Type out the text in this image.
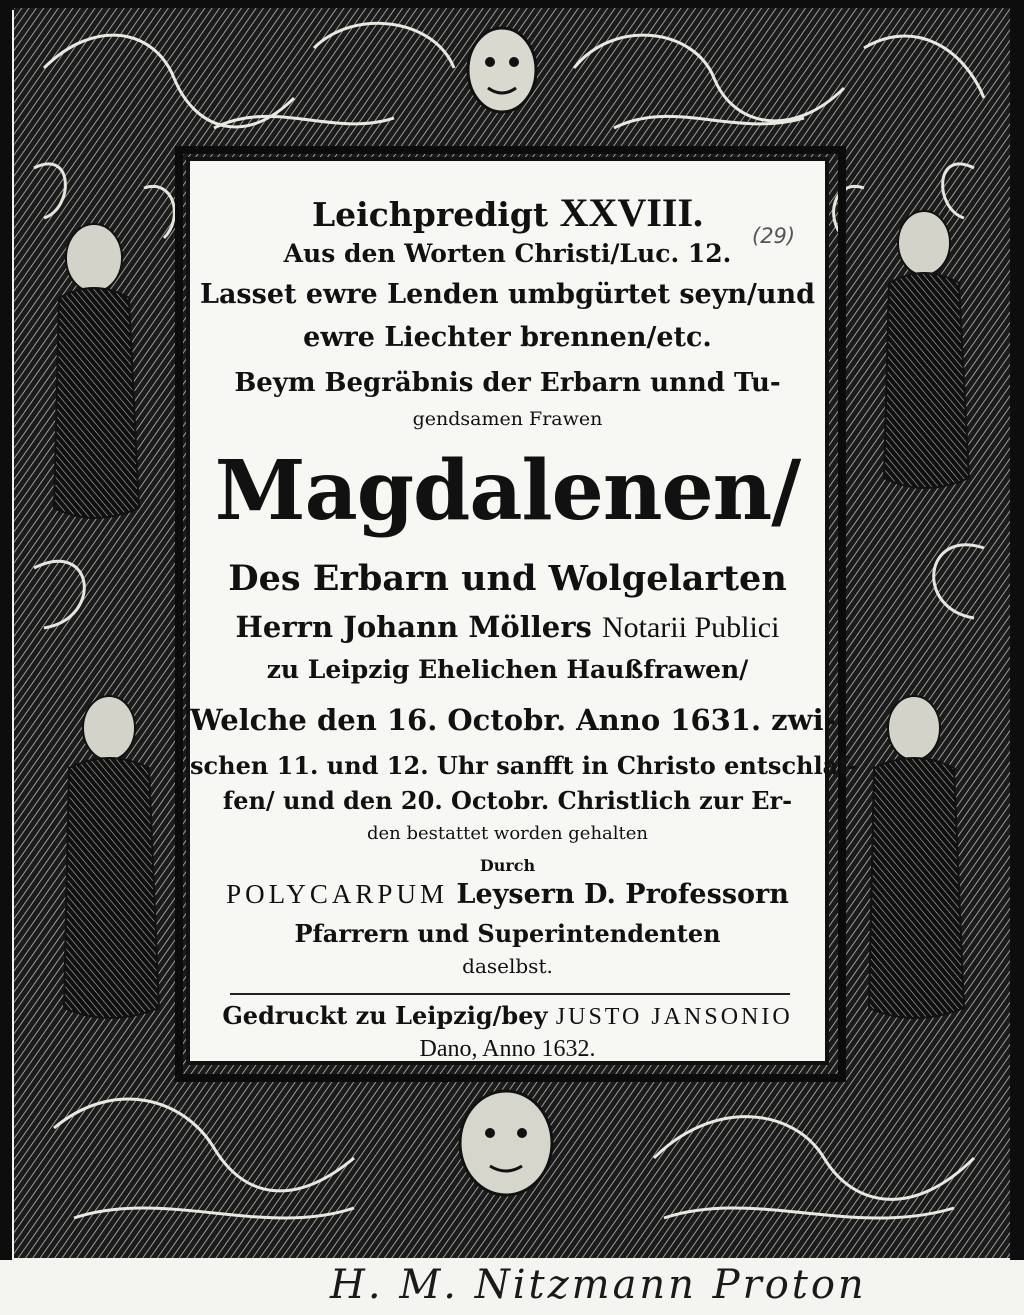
Leichpredigt XXVIII.
Aus den Worten Christi/Luc. 12.
Lasset ewre Lenden umbgürtet seyn/und
ewre Liechter brennen/etc.
Beym Begräbnis der Erbarn unnd Tu-
gendsamen Frawen
Magdalenen/
Des Erbarn und Wolgelarten
Herrn Johann Möllers Notarii Publici
zu Leipzig Ehelichen Haußfrawen/
Welche den 16. Octobr. Anno 1631. zwi-
schen 11. und 12. Uhr sanfft in Christo entschlaf-
fen/ und den 20. Octobr. Christlich zur Er-
den bestattet worden gehalten
Durch
POLYCARPUM Leysern D. Professorn
Pfarrern und Superintendenten
daselbst.
Gedruckt zu Leipzig/bey JUSTO JANSONIO
Dano, Anno 1632.
(29)
H. M. Nitzmann Proton
